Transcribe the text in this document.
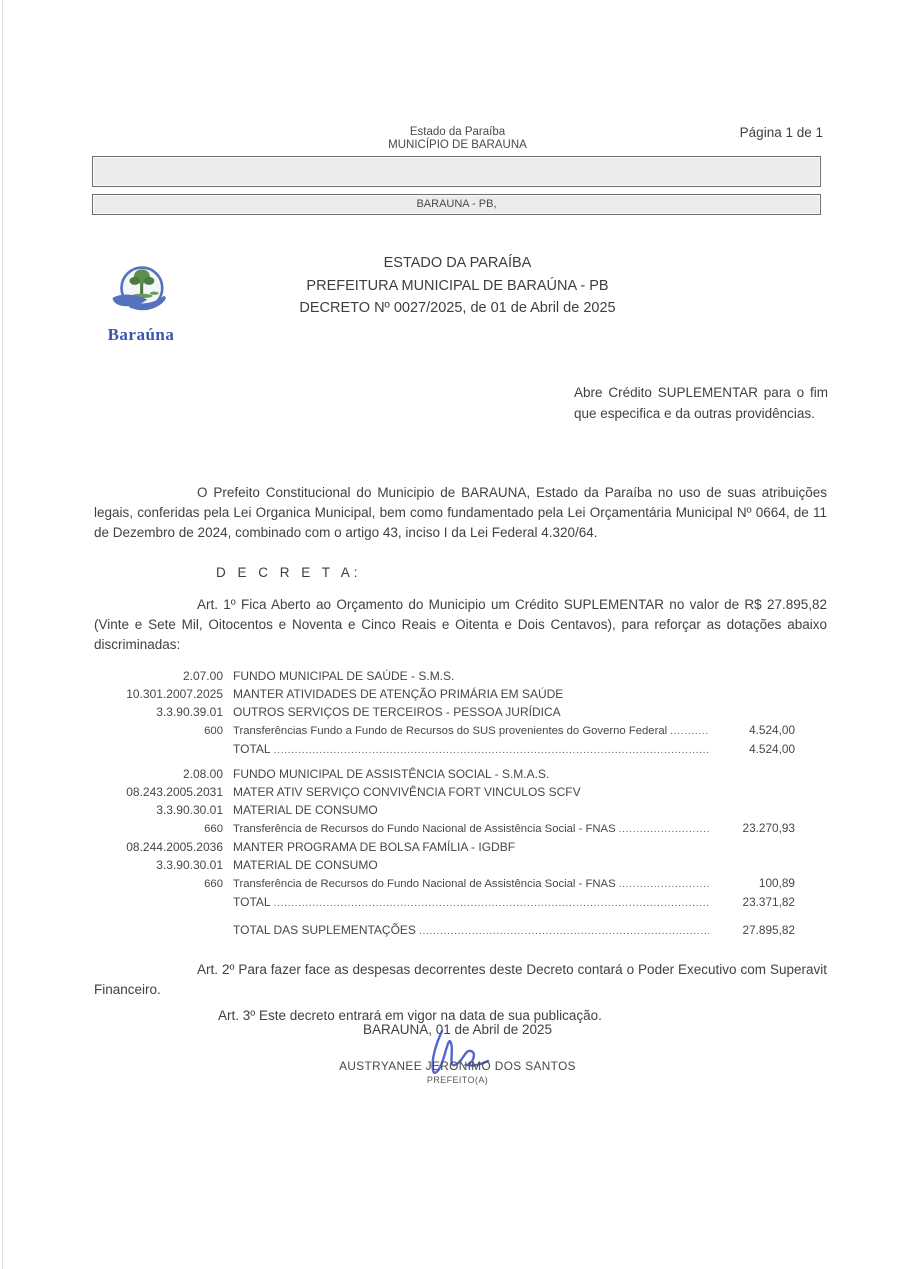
Estado da Paraíba
MUNICÍPIO DE BARAUNA
Página 1 de 1
BARAUNA - PB,
Baraúna
ESTADO DA PARAÍBA
PREFEITURA MUNICIPAL DE BARAÚNA - PB
DECRETO Nº 0027/2025, de 01 de Abril de 2025
Abre Crédito SUPLEMENTAR para o fim que especifica e da outras providências.
O Prefeito Constitucional do Municipio de BARAUNA, Estado da Paraíba no uso de suas atribuições legais, conferidas pela Lei Organica Municipal, bem como fundamentado pela Lei Orçamentária Municipal Nº 0664, de 11 de Dezembro de 2024, combinado com o artigo 43, inciso I da Lei Federal 4.320/64.
D E C R E T A:
Art. 1º Fica Aberto ao Orçamento do Municipio um Crédito SUPLEMENTAR no valor de R$ 27.895,82 (Vinte e Sete Mil, Oitocentos e Noventa e Cinco Reais e Oitenta e Dois Centavos), para reforçar as dotações abaixo discriminadas:
2.07.00 FUNDO MUNICIPAL DE SAÚDE - S.M.S.
10.301.2007.2025 MANTER ATIVIDADES DE ATENÇÃO PRIMÁRIA EM SAÚDE
3.3.90.39.01 OUTROS SERVIÇOS DE TERCEIROS - PESSOA JURÍDICA
600 Transferências Fundo a Fundo de Recursos do SUS provenientes do Governo Federal .....	4.524,00
TOTAL .....	4.524,00
2.08.00 FUNDO MUNICIPAL DE ASSISTÊNCIA SOCIAL - S.M.A.S.
08.243.2005.2031 MATER ATIV SERVIÇO CONVIVÊNCIA FORT VINCULOS SCFV
3.3.90.30.01 MATERIAL DE CONSUMO
660 Transferência de Recursos do Fundo Nacional de Assistência Social - FNAS .....	23.270,93
08.244.2005.2036 MANTER PROGRAMA DE BOLSA FAMÍLIA - IGDBF
3.3.90.30.01 MATERIAL DE CONSUMO
660 Transferência de Recursos do Fundo Nacional de Assistência Social - FNAS .....	100,89
TOTAL .....	23.371,82
TOTAL DAS SUPLEMENTAÇÕES .....	27.895,82
Art. 2º Para fazer face as despesas decorrentes deste Decreto contará o Poder Executivo com Superavit Financeiro.
Art. 3º Este decreto entrará em vigor na data de sua publicação.
BARAUNA, 01 de Abril de 2025
AUSTRYANEE JERONIMO DOS SANTOS
PREFEITO(A)
